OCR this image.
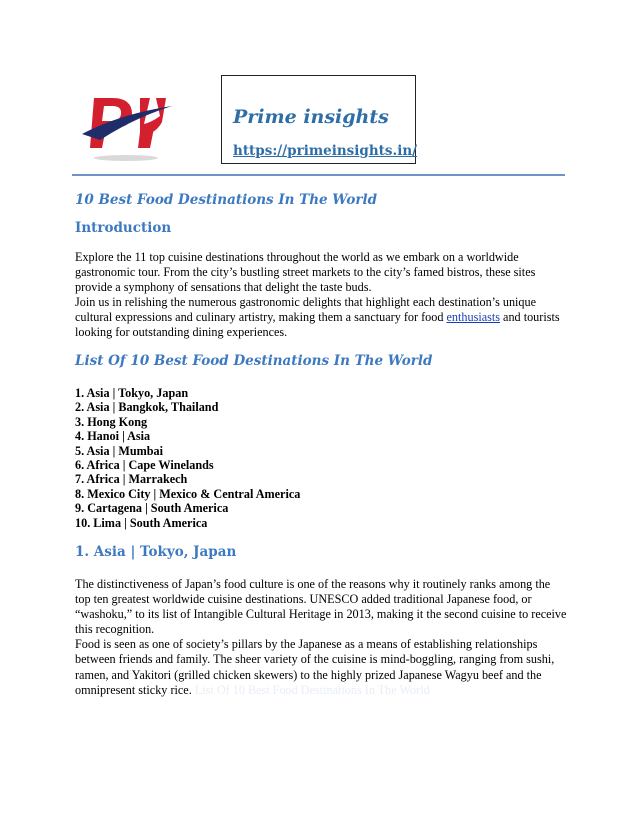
Prime insights
https://primeinsights.in/
10 Best Food Destinations In The World
Introduction

Explore the 11 top cuisine destinations throughout the world as we embark on a worldwide gastronomic tour. From the city’s bustling street markets to the city’s famed bistros, these sites provide a symphony of sensations that delight the taste buds.

Join us in relishing the numerous gastronomic delights that highlight each destination’s unique cultural expressions and culinary artistry, making them a sanctuary for food enthusiasts and tourists looking for outstanding dining experiences.

List Of 10 Best Food Destinations In The World
1. Asia | Tokyo, Japan
2. Asia | Bangkok, Thailand
3. Hong Kong
4. Hanoi | Asia
5. Asia | Mumbai
6. Africa | Cape Winelands
7. Africa | Marrakech
8. Mexico City | Mexico & Central America
9. Cartagena | South America
10. Lima | South America
1. Asia | Tokyo, Japan

The distinctiveness of Japan’s food culture is one of the reasons why it routinely ranks among the top ten greatest worldwide cuisine destinations. UNESCO added traditional Japanese food, or “washoku,” to its list of Intangible Cultural Heritage in 2013, making it the second cuisine to receive this recognition.

Food is seen as one of society’s pillars by the Japanese as a means of establishing relationships between friends and family. The sheer variety of the cuisine is mind-boggling, ranging from sushi, ramen, and Yakitori (grilled chicken skewers) to the highly prized Japanese Wagyu beef and the omnipresent sticky rice. List Of 10 Best Food Destinations In The World
